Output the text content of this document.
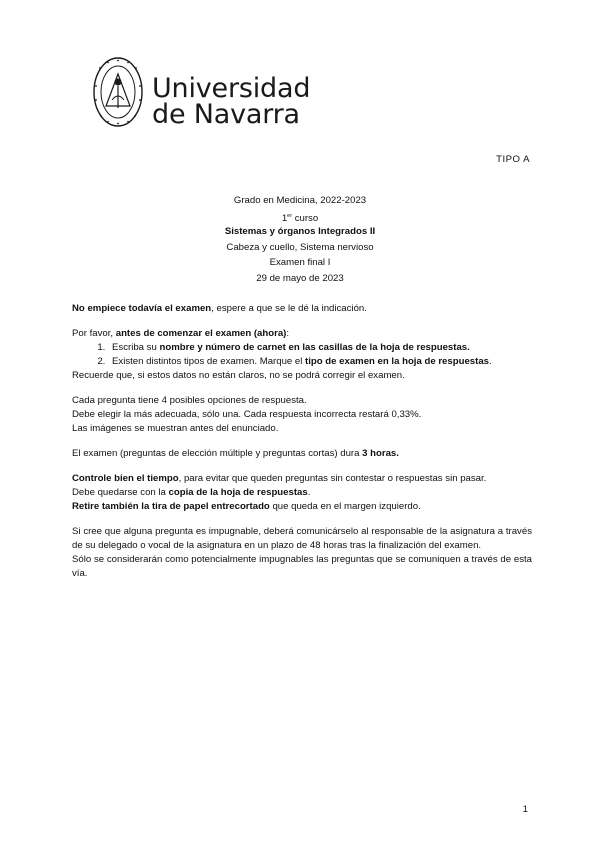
Universidad
de Navarra
TIPO A
Grado en Medicina, 2022-2023
1er curso
Sistemas y órganos Integrados II
Cabeza y cuello, Sistema nervioso
Examen final I
29 de mayo de 2023

No empiece todavía el examen, espere a que se le dé la indicación.

Por favor, antes de comenzar el examen (ahora):

1. Escriba su nombre y número de carnet en las casillas de la hoja de respuestas.
2. Existen distintos tipos de examen. Marque el tipo de examen en la hoja de respuestas.

Recuerde que, si estos datos no están claros, no se podrá corregir el examen.

Cada pregunta tiene 4 posibles opciones de respuesta.

Debe elegir la más adecuada, sólo una. Cada respuesta incorrecta restará 0,33%.

Las imágenes se muestran antes del enunciado.

El examen (preguntas de elección múltiple y preguntas cortas) dura 3 horas.

Controle bien el tiempo, para evitar que queden preguntas sin contestar o respuestas sin pasar.

Debe quedarse con la copia de la hoja de respuestas.

Retire también la tira de papel entrecortado que queda en el margen izquierdo.

Si cree que alguna pregunta es impugnable, deberá comunicárselo al responsable de la asignatura a través de su delegado o vocal de la asignatura en un plazo de 48 horas tras la finalización del examen.

Sólo se considerarán como potencialmente impugnables las preguntas que se comuniquen a través de esta vía.

1
